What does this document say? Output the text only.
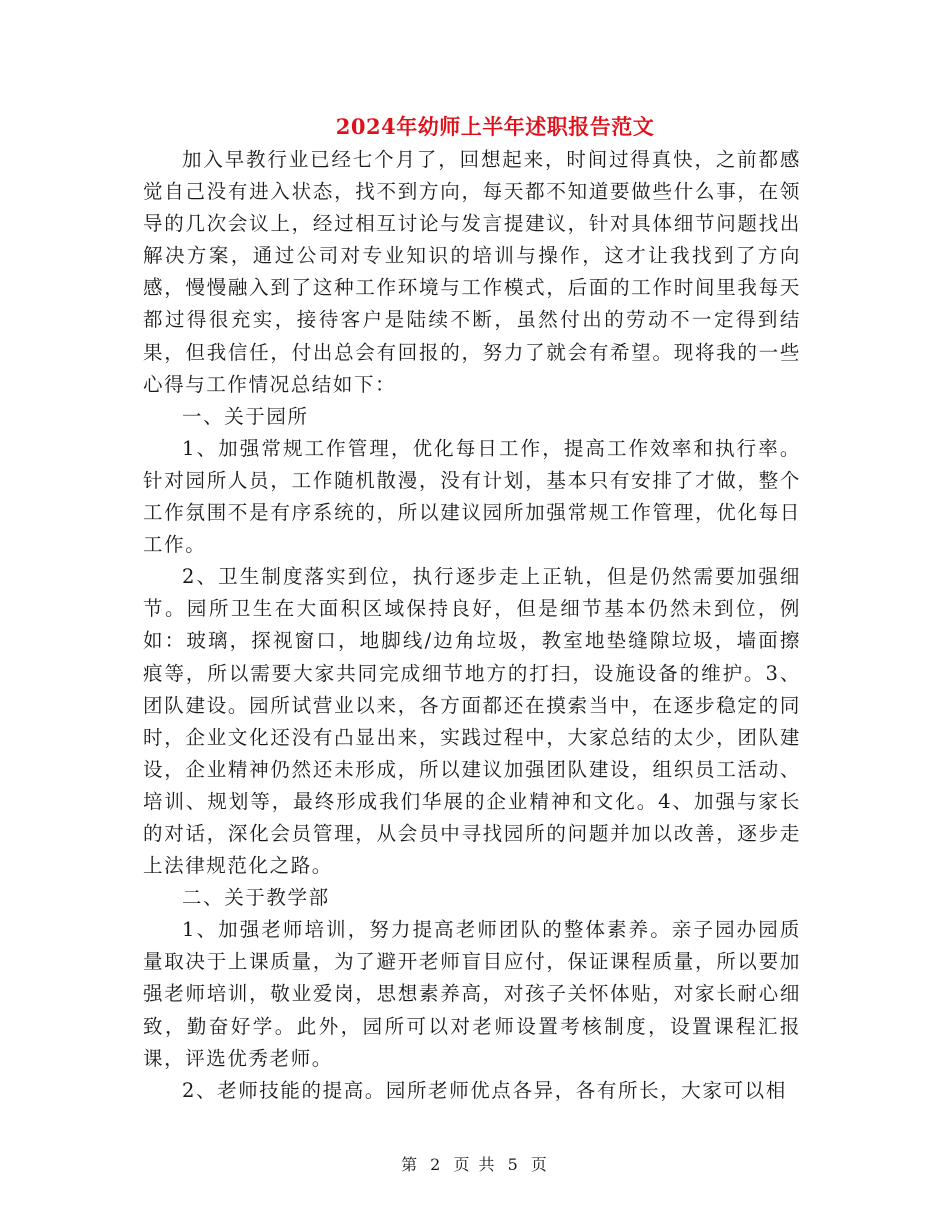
2024年幼师上半年述职报告范文

加入早教行业已经七个月了，回想起来，时间过得真快，之前都感觉自己没有进入状态，找不到方向，每天都不知道要做些什么事，在领导的几次会议上，经过相互讨论与发言提建议，针对具体细节问题找出解决方案，通过公司对专业知识的培训与操作，这才让我找到了方向感，慢慢融入到了这种工作环境与工作模式，后面的工作时间里我每天都过得很充实，接待客户是陆续不断，虽然付出的劳动不一定得到结果，但我信任，付出总会有回报的，努力了就会有希望。现将我的一些心得与工作情况总结如下：

一、关于园所

1、加强常规工作管理，优化每日工作，提高工作效率和执行率。针对园所人员，工作随机散漫，没有计划，基本只有安排了才做，整个工作氛围不是有序系统的，所以建议园所加强常规工作管理，优化每日工作。

2、卫生制度落实到位，执行逐步走上正轨，但是仍然需要加强细节。园所卫生在大面积区域保持良好，但是细节基本仍然未到位，例如：玻璃，探视窗口，地脚线/边角垃圾，教室地垫缝隙垃圾，墙面擦痕等，所以需要大家共同完成细节地方的打扫，设施设备的维护。3、团队建设。园所试营业以来，各方面都还在摸索当中，在逐步稳定的同时，企业文化还没有凸显出来，实践过程中，大家总结的太少，团队建设，企业精神仍然还未形成，所以建议加强团队建设，组织员工活动、培训、规划等，最终形成我们华展的企业精神和文化。4、加强与家长的对话，深化会员管理，从会员中寻找园所的问题并加以改善，逐步走上法律规范化之路。

二、关于教学部

1、加强老师培训，努力提高老师团队的整体素养。亲子园办园质量取决于上课质量，为了避开老师盲目应付，保证课程质量，所以要加强老师培训，敬业爱岗，思想素养高，对孩子关怀体贴，对家长耐心细致，勤奋好学。此外，园所可以对老师设置考核制度，设置课程汇报课，评选优秀老师。

2、老师技能的提高。园所老师优点各异，各有所长，大家可以相

第 2 页 共 5 页
